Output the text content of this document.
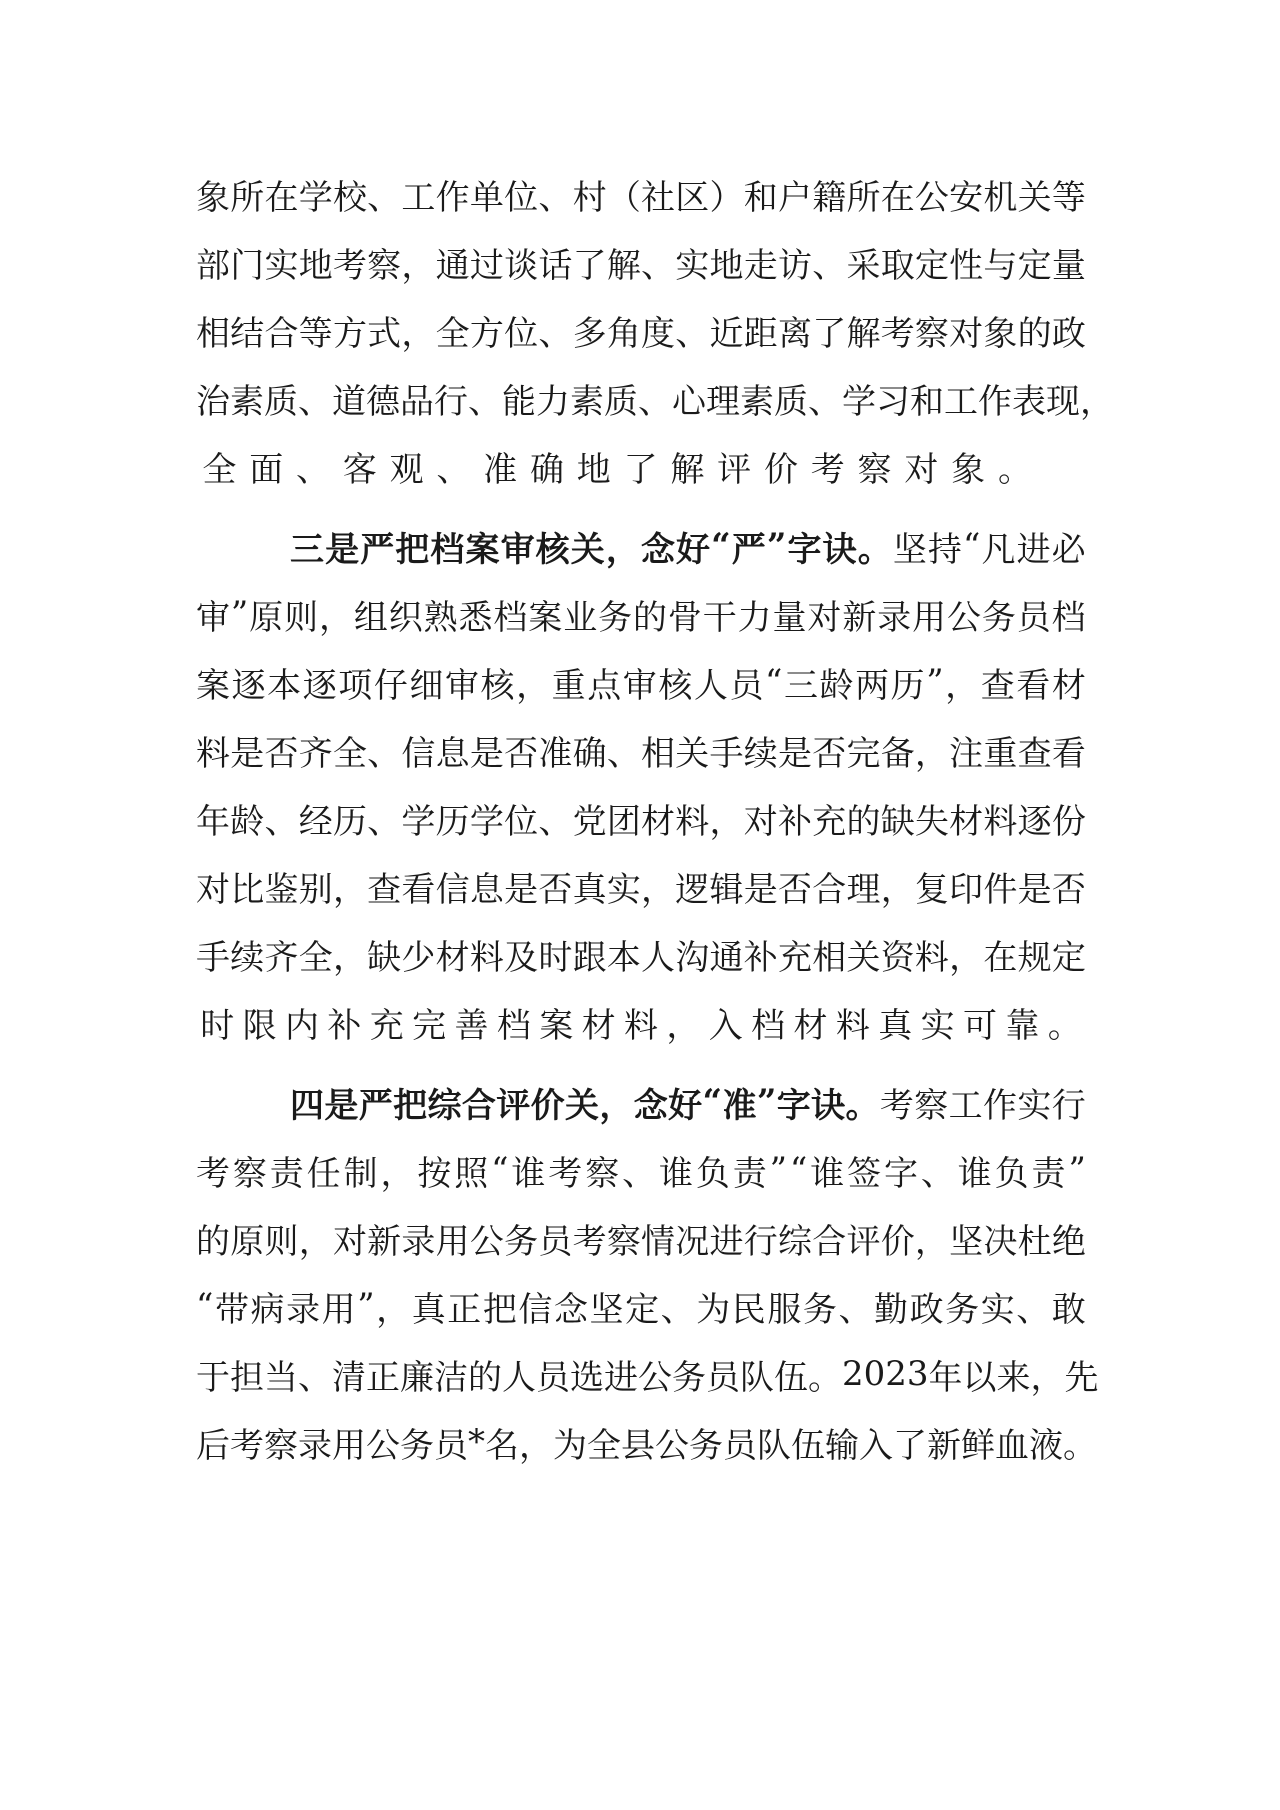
象 所 在 学 校 、 工 作 单 位 、 村 （ 社 区 ） 和 户 籍 所 在 公 安 机 关 等
部 门 实 地 考 察 ， 通 过 谈 话 了 解 、 实 地 走 访 、 采 取 定 性 与 定 量
相 结 合 等 方 式 ， 全 方 位 、 多 角 度 、 近 距 离 了 解 考 察 对 象 的 政
治 素 质 、 道 德 品 行 、 能 力 素 质 、 心 理 素 质 、 学 习 和 工 作 表 现 ，
全 面 、 客 观 、 准 确 地 了 解 评 价 考 察 对 象 。
三 是 严 把 档 案 审 核 关 ， 念 好 “ 严 ” 字 诀 。 坚 持 “ 凡 进 必
审 ” 原 则 ， 组 织 熟 悉 档 案 业 务 的 骨 干 力 量 对 新 录 用 公 务 员 档
案 逐 本 逐 项 仔 细 审 核 ， 重 点 审 核 人 员 “ 三 龄 两 历 ” ， 查 看 材
料 是 否 齐 全 、 信 息 是 否 准 确 、 相 关 手 续 是 否 完 备 ， 注 重 查 看
年 龄 、 经 历 、 学 历 学 位 、 党 团 材 料 ， 对 补 充 的 缺 失 材 料 逐 份
对 比 鉴 别 ， 查 看 信 息 是 否 真 实 ， 逻 辑 是 否 合 理 ， 复 印 件 是 否
手 续 齐 全 ， 缺 少 材 料 及 时 跟 本 人 沟 通 补 充 相 关 资 料 ， 在 规 定
时 限 内 补 充 完 善 档 案 材 料 ， 入 档 材 料 真 实 可 靠 。
四 是 严 把 综 合 评 价 关 ， 念 好 “ 准 ” 字 诀 。 考 察 工 作 实 行
考 察 责 任 制 ， 按 照 “ 谁 考 察 、 谁 负 责 ” “ 谁 签 字 、 谁 负 责 ”
的 原 则 ， 对 新 录 用 公 务 员 考 察 情 况 进 行 综 合 评 价 ， 坚 决 杜 绝
“ 带 病 录 用 ” ， 真 正 把 信 念 坚 定 、 为 民 服 务 、 勤 政 务 实 、 敢
于 担 当 、 清 正 廉 洁 的 人 员 选 进 公 务 员 队 伍 。 2023 年 以 来 ， 先
后 考 察 录 用 公 务 员 * 名 ， 为 全 县 公 务 员 队 伍 输 入 了 新 鲜 血 液 。
